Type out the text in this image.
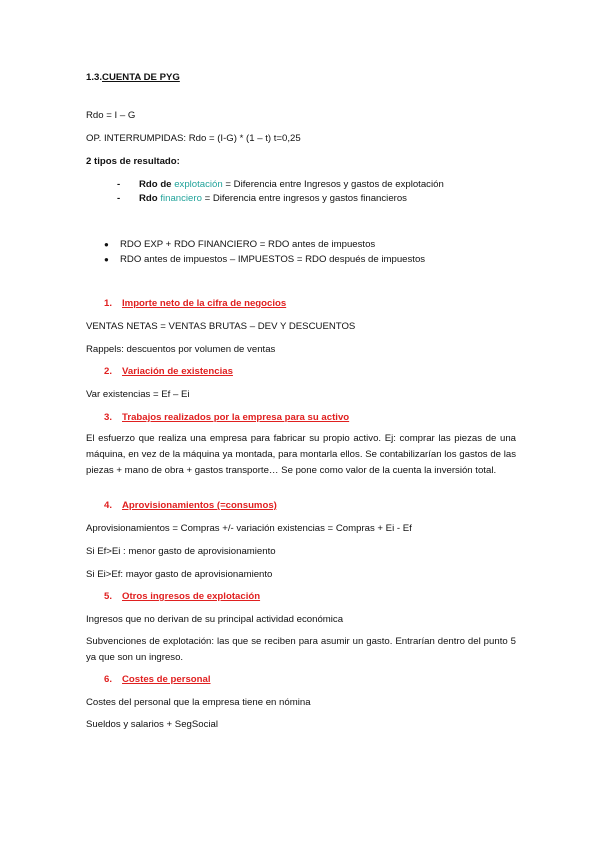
1.3.CUENTA DE PYG
Rdo = I – G
OP. INTERRUMPIDAS: Rdo = (I-G) * (1 – t) t=0,25
2 tipos de resultado:
- Rdo de explotación = Diferencia entre Ingresos y gastos de explotación
- Rdo financiero = Diferencia entre ingresos y gastos financieros
● RDO EXP + RDO FINANCIERO = RDO antes de impuestos
● RDO antes de impuestos – IMPUESTOS = RDO después de impuestos
1. Importe neto de la cifra de negocios
VENTAS NETAS = VENTAS BRUTAS – DEV Y DESCUENTOS
Rappels: descuentos por volumen de ventas
2. Variación de existencias
Var existencias = Ef – Ei
3. Trabajos realizados por la empresa para su activo
El esfuerzo que realiza una empresa para fabricar su propio activo. Ej: comprar las piezas de una máquina, en vez de la máquina ya montada, para montarla ellos. Se contabilizarían los gastos de las piezas + mano de obra + gastos transporte… Se pone como valor de la cuenta la inversión total.
4. Aprovisionamientos (=consumos)
Aprovisionamientos = Compras +/- variación existencias = Compras + Ei - Ef
Si Ef>Ei : menor gasto de aprovisionamiento
Si Ei>Ef: mayor gasto de aprovisionamiento
5. Otros ingresos de explotación
Ingresos que no derivan de su principal actividad económica
Subvenciones de explotación: las que se reciben para asumir un gasto. Entrarían dentro del punto 5 ya que son un ingreso.
6. Costes de personal
Costes del personal que la empresa tiene en nómina
Sueldos y salarios + SegSocial
